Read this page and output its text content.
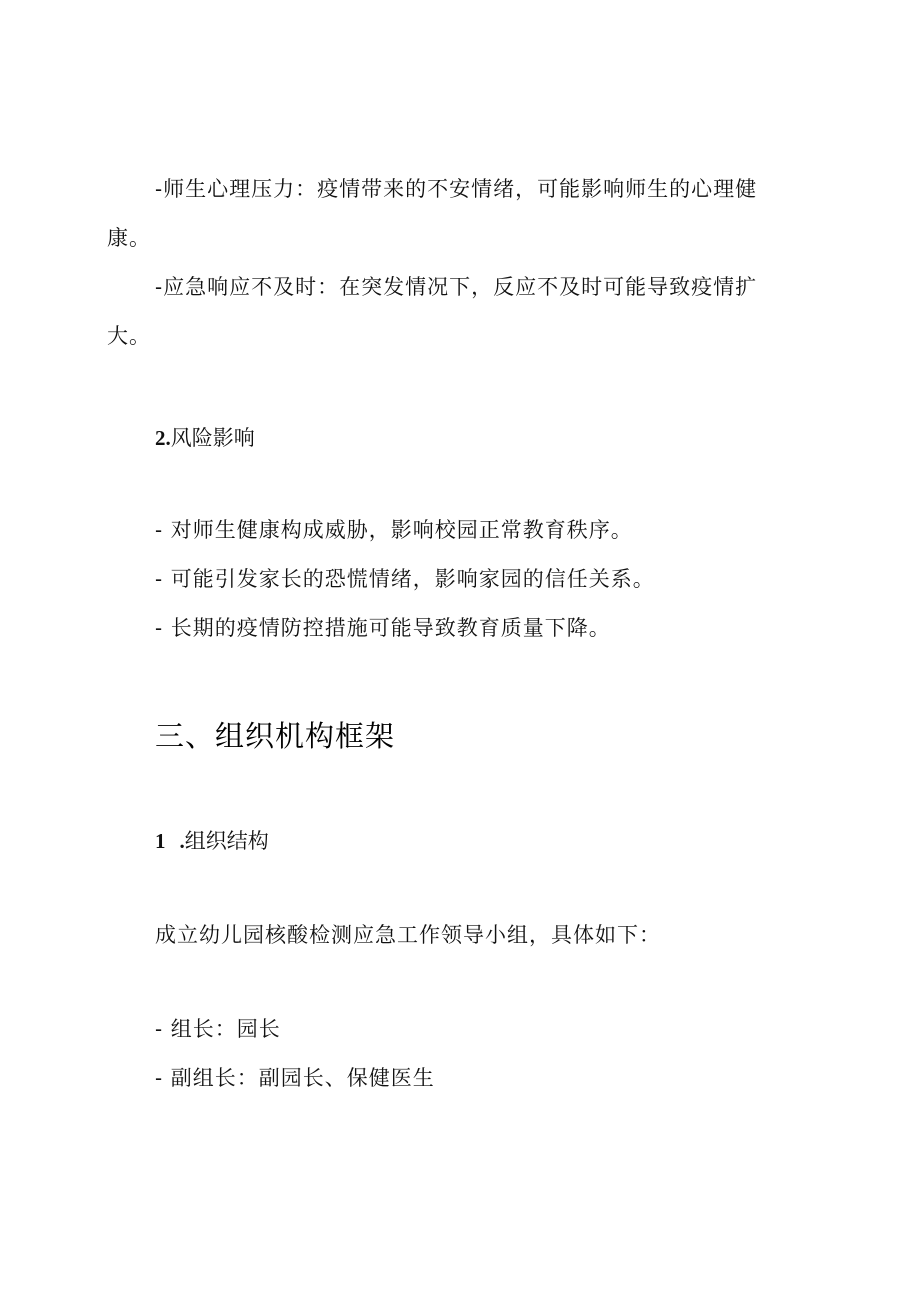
-师生心理压力：疫情带来的不安情绪，可能影响师生的心理健
康。
-应急响应不及时：在突发情况下，反应不及时可能导致疫情扩
大。
2.风险影响
- 对师生健康构成威胁，影响校园正常教育秩序。
- 可能引发家长的恐慌情绪，影响家园的信任关系。
- 长期的疫情防控措施可能导致教育质量下降。
三、组织机构框架
1 .组织结构
成立幼儿园核酸检测应急工作领导小组，具体如下：
- 组长：园长
- 副组长：副园长、保健医生
